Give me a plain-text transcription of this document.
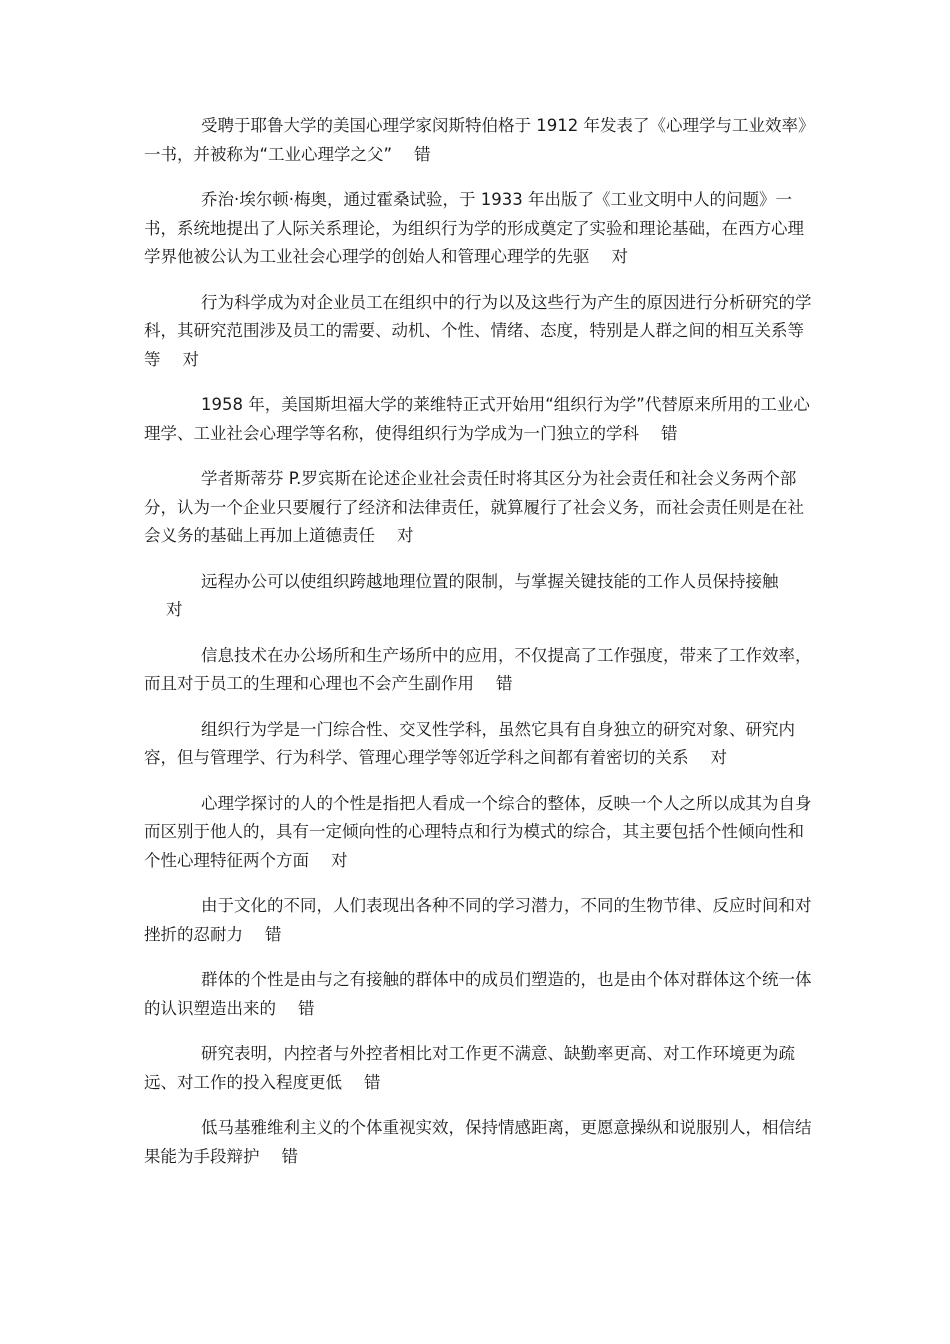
受聘于耶鲁大学的美国心理学家闵斯特伯格于 1912 年发表了《心理学与工业效率》一书，并被称为“工业心理学之父” 错
乔治·埃尔顿·梅奥，通过霍桑试验，于 1933 年出版了《工业文明中人的问题》一书，系统地提出了人际关系理论，为组织行为学的形成奠定了实验和理论基础，在西方心理学界他被公认为工业社会心理学的创始人和管理心理学的先驱 对
行为科学成为对企业员工在组织中的行为以及这些行为产生的原因进行分析研究的学科，其研究范围涉及员工的需要、动机、个性、情绪、态度，特别是人群之间的相互关系等等 对
1958 年，美国斯坦福大学的莱维特正式开始用“组织行为学”代替原来所用的工业心理学、工业社会心理学等名称，使得组织行为学成为一门独立的学科 错
学者斯蒂芬 P.罗宾斯在论述企业社会责任时将其区分为社会责任和社会义务两个部分，认为一个企业只要履行了经济和法律责任，就算履行了社会义务，而社会责任则是在社会义务的基础上再加上道德责任 对
远程办公可以使组织跨越地理位置的限制，与掌握关键技能的工作人员保持接触对
信息技术在办公场所和生产场所中的应用，不仅提高了工作强度，带来了工作效率，而且对于员工的生理和心理也不会产生副作用 错
组织行为学是一门综合性、交叉性学科，虽然它具有自身独立的研究对象、研究内容，但与管理学、行为科学、管理心理学等邻近学科之间都有着密切的关系 对
心理学探讨的人的个性是指把人看成一个综合的整体，反映一个人之所以成其为自身而区别于他人的，具有一定倾向性的心理特点和行为模式的综合，其主要包括个性倾向性和个性心理特征两个方面 对
由于文化的不同，人们表现出各种不同的学习潜力，不同的生物节律、反应时间和对挫折的忍耐力 错
群体的个性是由与之有接触的群体中的成员们塑造的，也是由个体对群体这个统一体的认识塑造出来的 错
研究表明，内控者与外控者相比对工作更不满意、缺勤率更高、对工作环境更为疏远、对工作的投入程度更低 错
低马基雅维利主义的个体重视实效，保持情感距离，更愿意操纵和说服别人，相信结果能为手段辩护 错
